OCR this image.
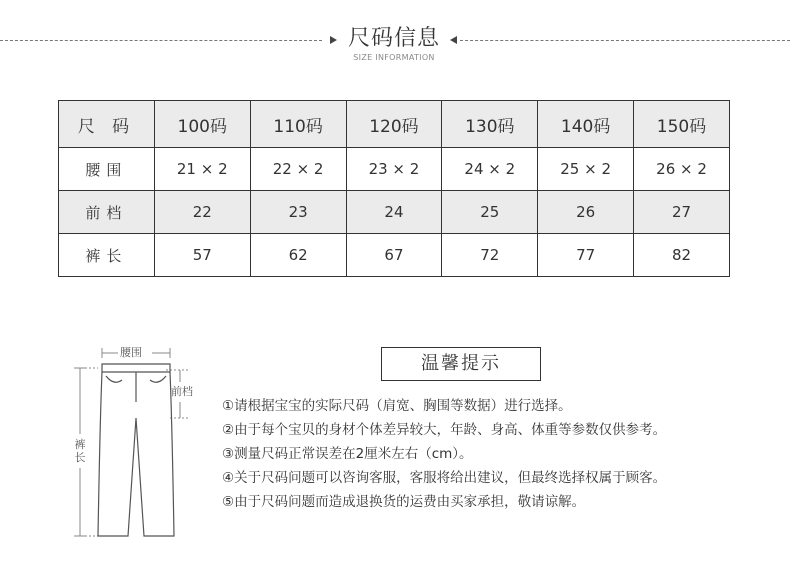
尺码信息
SIZE INFORMATION
尺 码	100码	110码	120码	130码	140码	150码
腰围	21 × 2	22 × 2	23 × 2	24 × 2	25 × 2	26 × 2
前档	22	23	24	25	26	27
裤长	57	62	67	72	77	82
腰围
前档
裤长
温馨提示
①请根据宝宝的实际尺码（肩宽、胸围等数据）进行选择。
②由于每个宝贝的身材个体差异较大，年龄、身高、体重等参数仅供参考。
③测量尺码正常误差在2厘米左右（cm）。
④关于尺码问题可以咨询客服，客服将给出建议，但最终选择权属于顾客。
⑤由于尺码问题而造成退换货的运费由买家承担，敬请谅解。
